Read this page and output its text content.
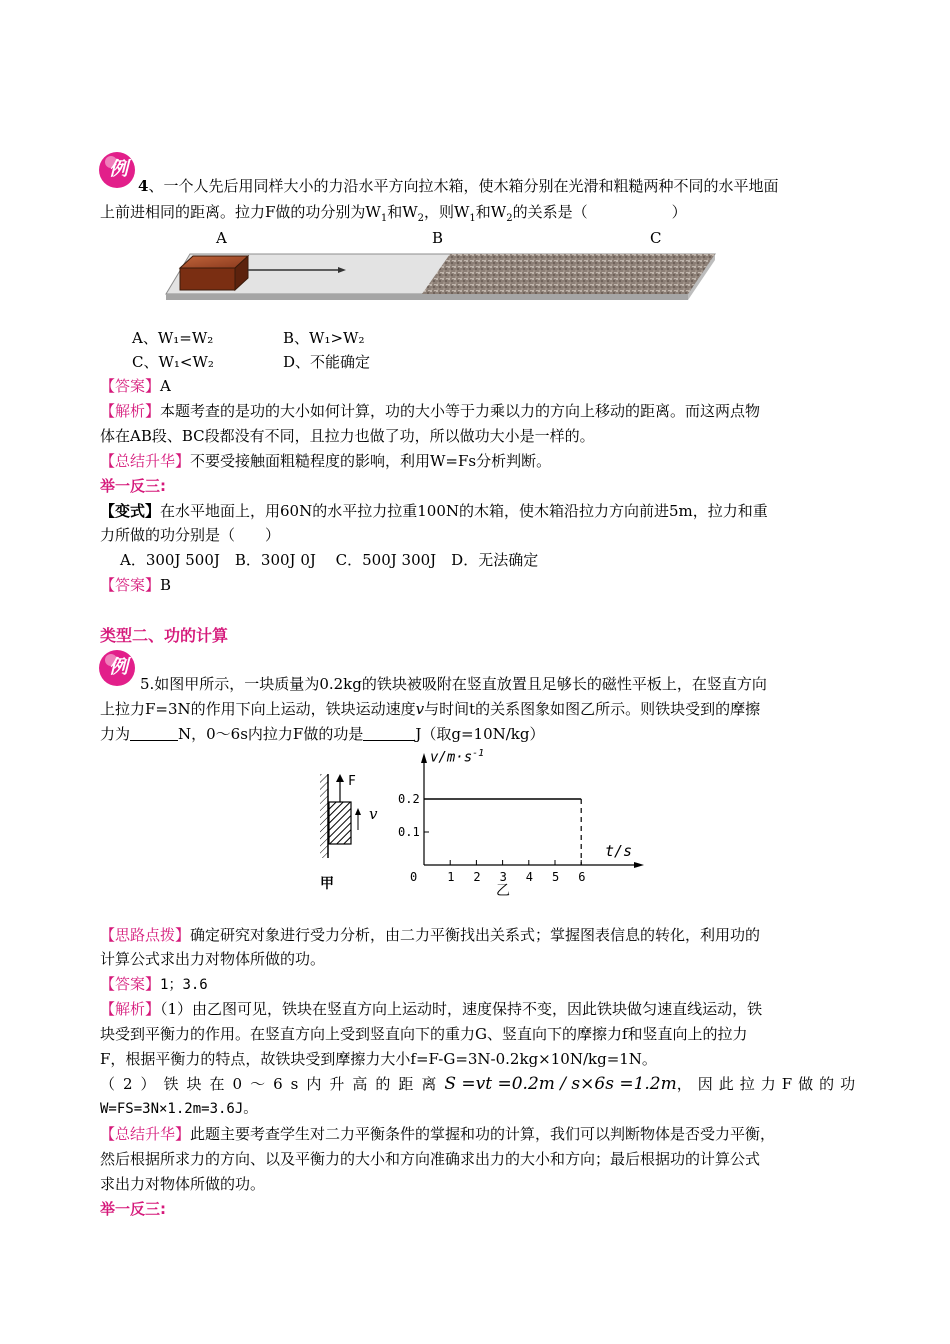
例
4、一个人先后用同样大小的力沿水平方向拉木箱，使木箱分别在光滑和粗糙两种不同的水平地面
上前进相同的距离。拉力F做的功分别为$W_1$和$W_2$，则$W_1$和$W_2$的关系是（	）
A	B	C
A、W₁=W₂	B、W₁>W₂
C、W₁<W₂	D、不能确定
【答案】A
【解析】本题考查的是功的大小如何计算，功的大小等于力乘以力的方向上移动的距离。而这两点物
体在AB段、BC段都没有不同，且拉力也做了功，所以做功大小是一样的。
【总结升华】不要受接触面粗糙程度的影响，利用W=Fs分析判断。
举一反三:
【变式】在水平地面上，用60N的水平拉力拉重100N的木箱，使木箱沿拉力方向前进5m，拉力和重
力所做的功分别是（　　）
A．300J 500J　B．300J 0J　 C．500J 300J　D．无法确定
【答案】B
类型二、功的计算
例
5.如图甲所示，一块质量为0.2kg的铁块被吸附在竖直放置且足够长的磁性平板上，在竖直方向
上拉力F=3N的作用下向上运动，铁块运动速度v与时间t的关系图象如图乙所示。则铁块受到的摩擦
力为	N，0～6s内拉力F做的功是	J（取g=10N/kg）
F
v
甲	0 1 2 3 4 5 6
0.1
0.2
$v/m\cdot s^{-1}$
t/s
乙
【思路点拨】确定研究对象进行受力分析，由二力平衡找出关系式；掌握图表信息的转化，利用功的
计算公式求出力对物体所做的功。
【答案】1；3.6
【解析】（1）由乙图可见，铁块在竖直方向上运动时，速度保持不变，因此铁块做匀速直线运动，铁
块受到平衡力的作用。在竖直方向上受到竖直向下的重力G、竖直向下的摩擦力f和竖直向上的拉力
F，根据平衡力的特点，故铁块受到摩擦力大小f=F-G=3N-0.2kg×10N/kg=1N。
（2）铁块在0～6s内升高的距离 S =vt =0.2m / s×6s =1.2m ，因此拉力F做的功
W=FS=3N×1.2m=3.6J。
【总结升华】此题主要考查学生对二力平衡条件的掌握和功的计算，我们可以判断物体是否受力平衡，
然后根据所求力的方向、以及平衡力的大小和方向准确求出力的大小和方向；最后根据功的计算公式
求出力对物体所做的功。
举一反三:
